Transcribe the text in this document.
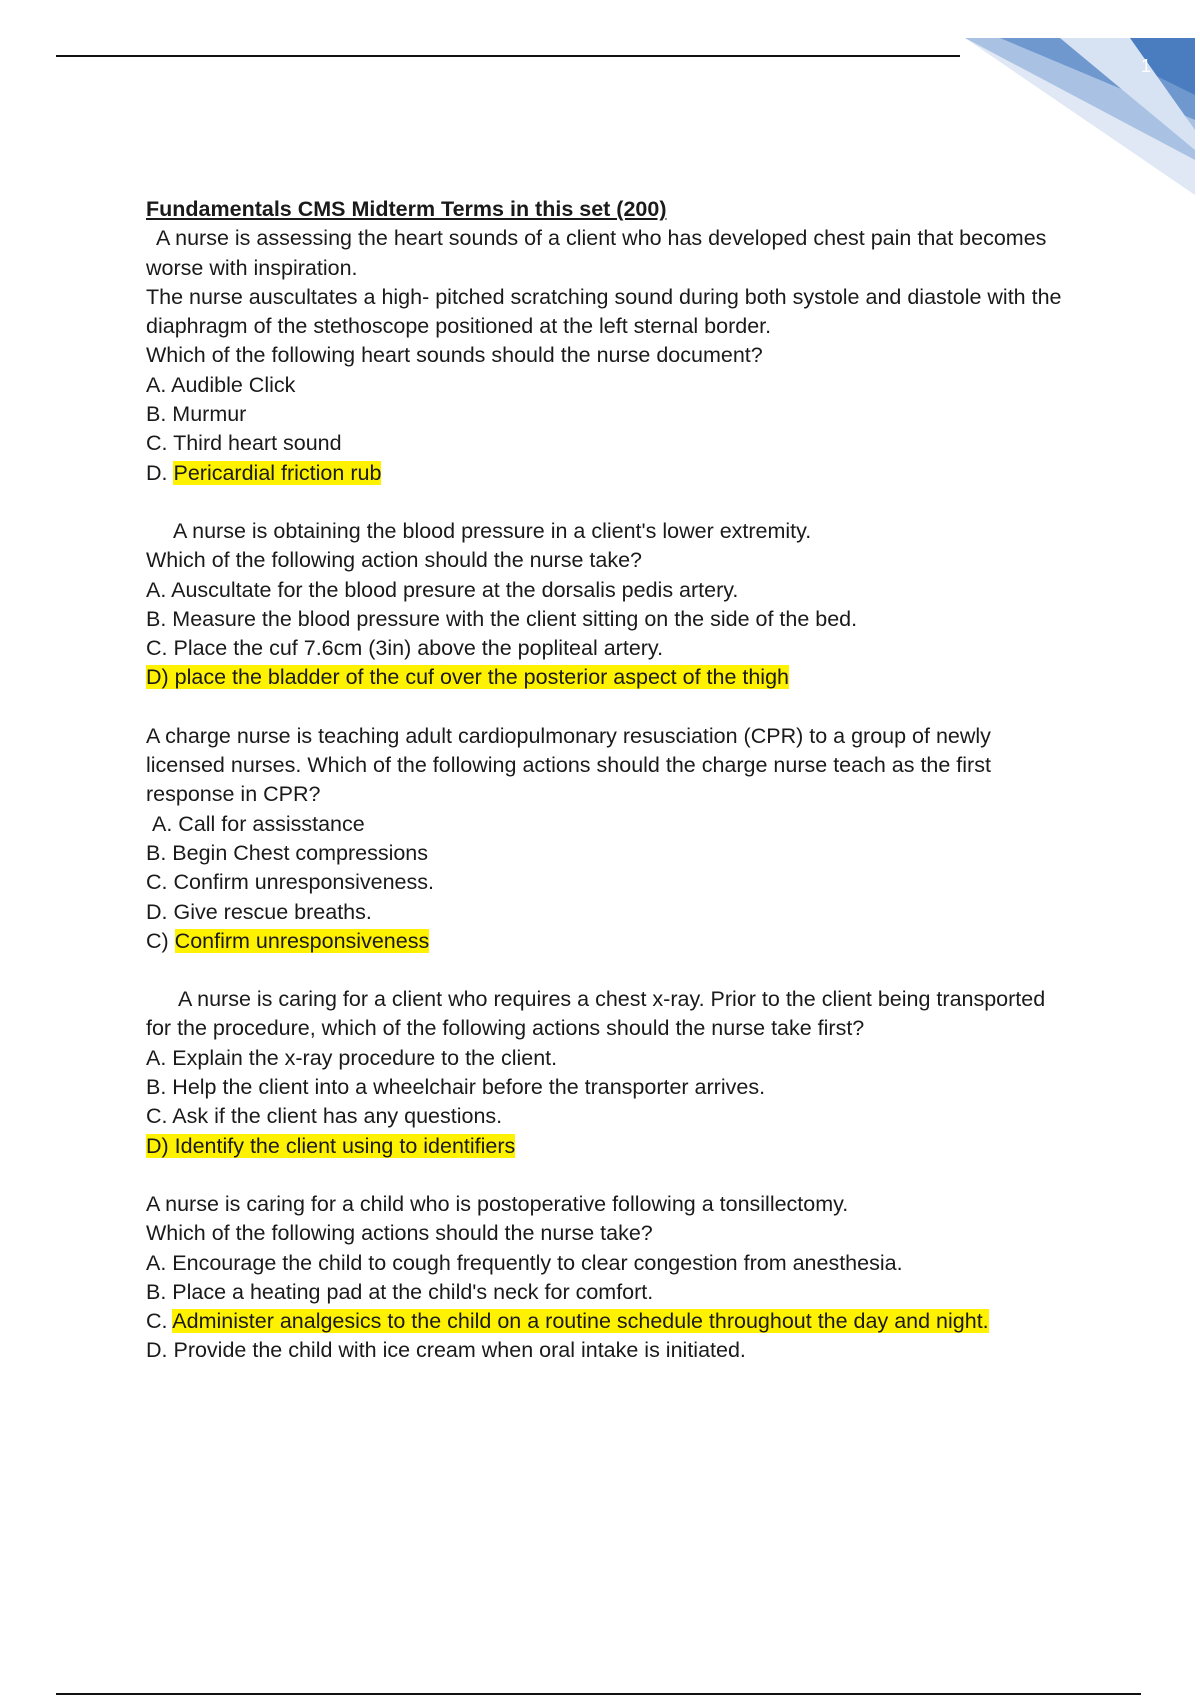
1
Fundamentals CMS Midterm Terms in this set (200)
A nurse is assessing the heart sounds of a client who has developed chest pain that becomes
worse with inspiration.
The nurse auscultates a high- pitched scratching sound during both systole and diastole with the
diaphragm of the stethoscope positioned at the left sternal border.
Which of the following heart sounds should the nurse document?
A. Audible Click
B. Murmur
C. Third heart sound
D. Pericardial friction rub
A nurse is obtaining the blood pressure in a client's lower extremity.
Which of the following action should the nurse take?
A. Auscultate for the blood presure at the dorsalis pedis artery.
B. Measure the blood pressure with the client sitting on the side of the bed.
C. Place the cuf 7.6cm (3in) above the popliteal artery.
D) place the bladder of the cuf over the posterior aspect of the thigh
A charge nurse is teaching adult cardiopulmonary resusciation (CPR) to a group of newly
licensed nurses. Which of the following actions should the charge nurse teach as the first
response in CPR?
A. Call for assisstance
B. Begin Chest compressions
C. Confirm unresponsiveness.
D. Give rescue breaths.
C) Confirm unresponsiveness
A nurse is caring for a client who requires a chest x-ray. Prior to the client being transported
for the procedure, which of the following actions should the nurse take first?
A. Explain the x-ray procedure to the client.
B. Help the client into a wheelchair before the transporter arrives.
C. Ask if the client has any questions.
D) Identify the client using to identifiers
A nurse is caring for a child who is postoperative following a tonsillectomy.
Which of the following actions should the nurse take?
A. Encourage the child to cough frequently to clear congestion from anesthesia.
B. Place a heating pad at the child's neck for comfort.
C. Administer analgesics to the child on a routine schedule throughout the day and night.
D. Provide the child with ice cream when oral intake is initiated.
